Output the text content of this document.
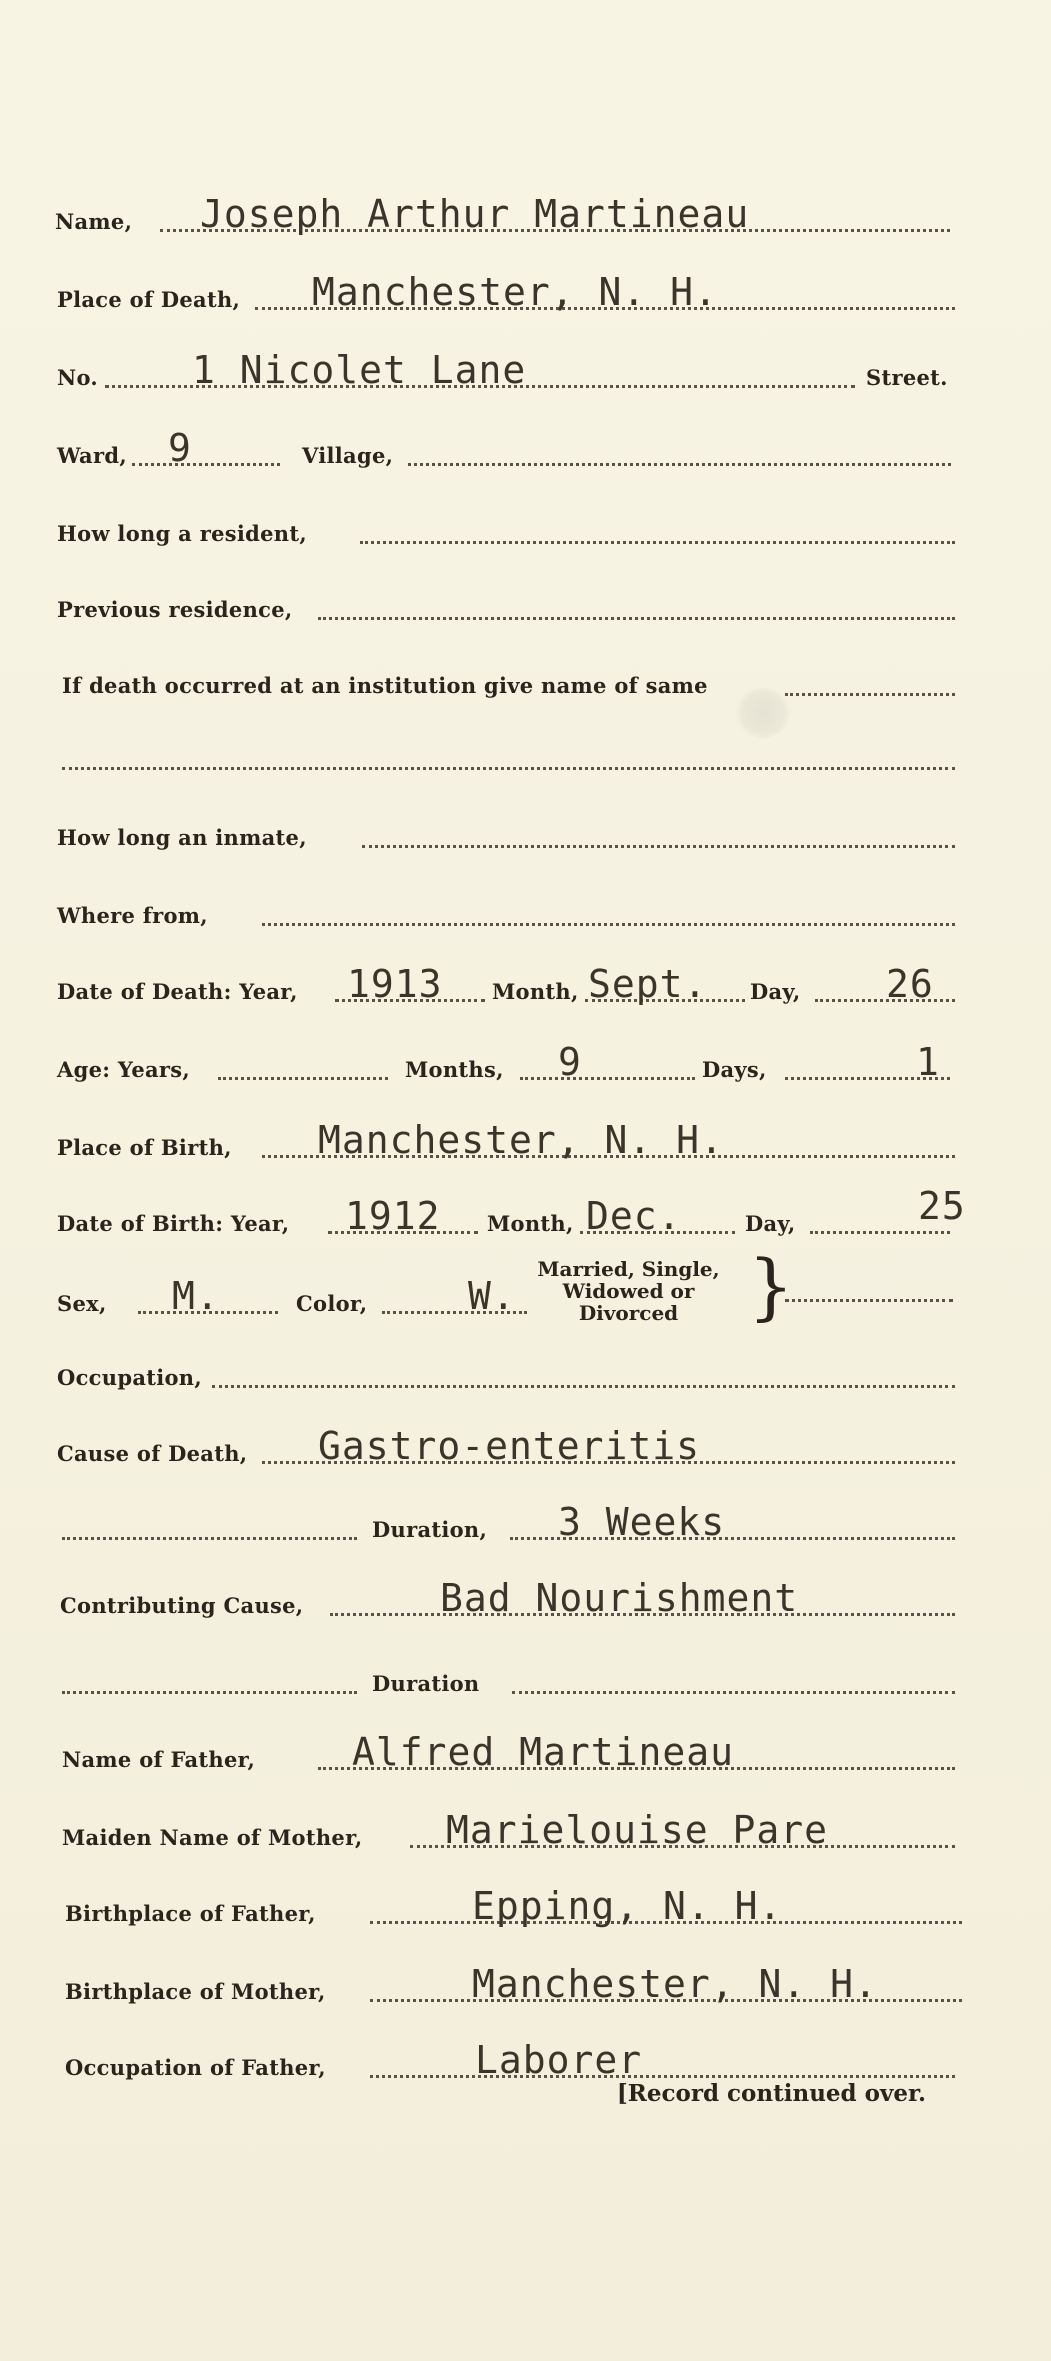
Name, Joseph Arthur Martineau
Place of Death, Manchester, N. H.
No. 1 Nicolet Lane	Street.
Ward, 9	Village,
How long a resident,
Previous residence,
If death occurred at an institution give name of same
How long an inmate,
Where from,
Date of Death: Year, 1913 Month, Sept. Day, 26
Age: Years,	Months, 9	Days,	1
Place of Birth, Manchester, N. H.
Date of Birth: Year, 1912 Month, Dec.	Day,	25
Sex, M.	Color,	W.
Married, Single,
Widowed or
Divorced }
Occupation,
Cause of Death, Gastro-enteritis
Duration, 3 Weeks
Contributing Cause,	Bad Nourishment
Duration
Name of Father,	Alfred Martineau
Maiden Name of Mother, Marielouise Pare
Birthplace of Father,	Epping, N. H.
Birthplace of Mother,	Manchester, N. H.
Occupation of Father,	Laborer
[Record continued over.
